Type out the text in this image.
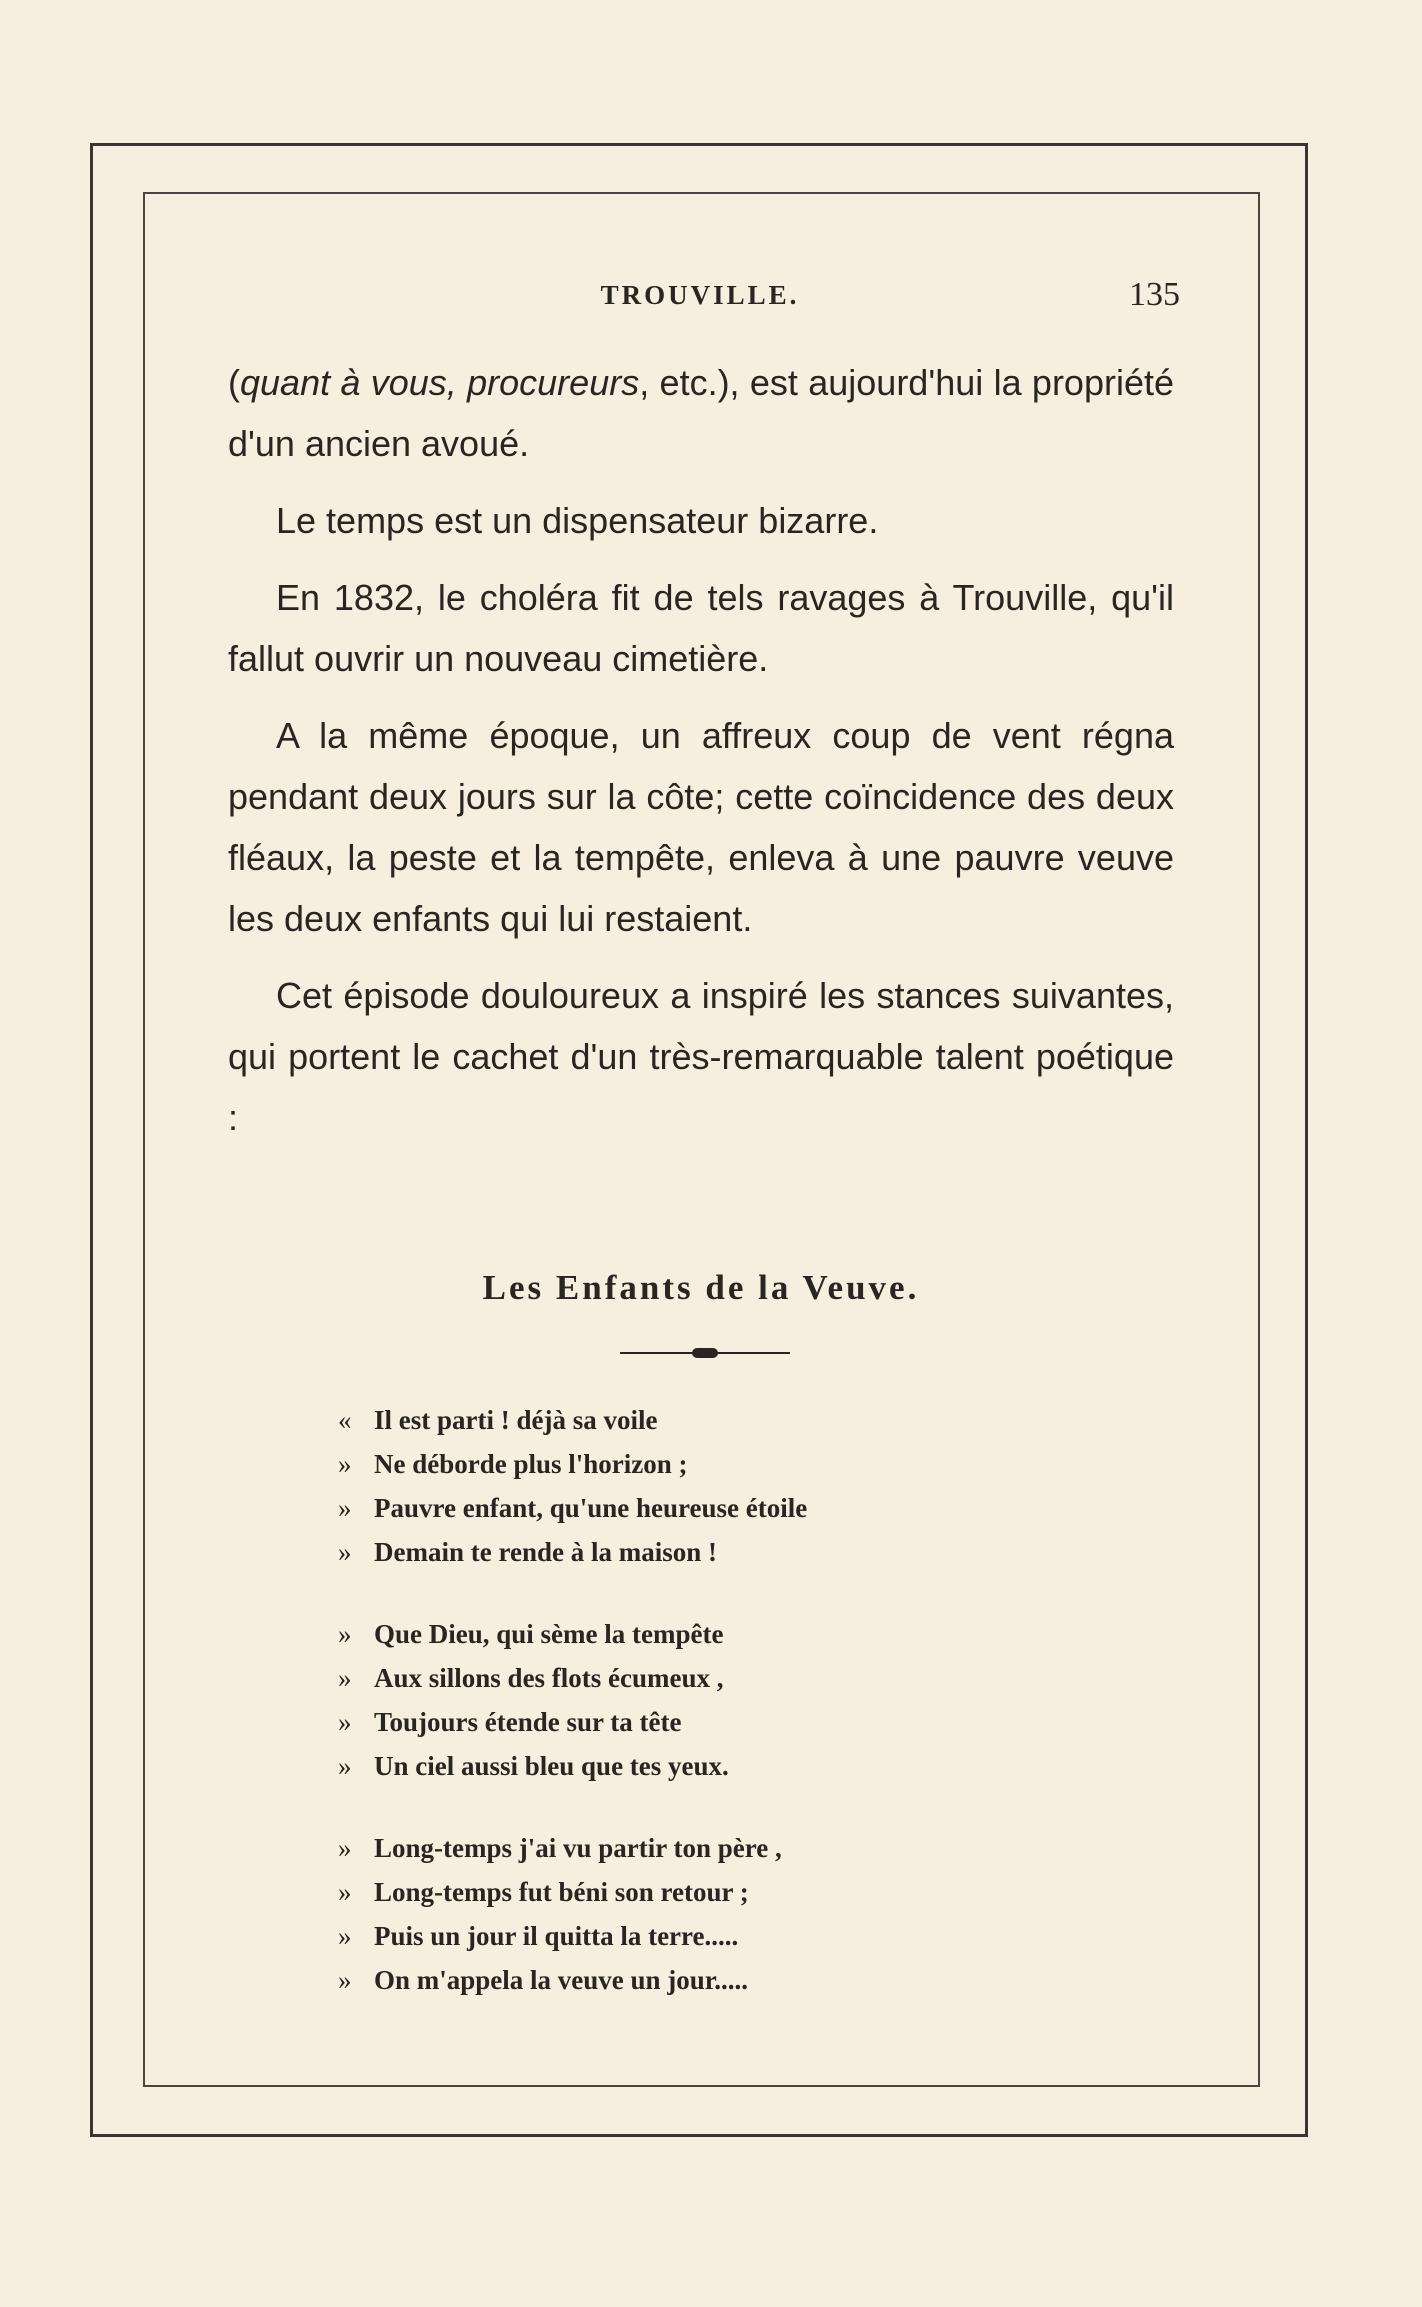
TROUVILLE.	135

(quant à vous, procureurs, etc.), est aujourd'hui la propriété d'un ancien avoué.

Le temps est un dispensateur bizarre.

En 1832, le choléra fit de tels ravages à Trouville, qu'il fallut ouvrir un nouveau cimetière.

A la même époque, un affreux coup de vent régna pendant deux jours sur la côte; cette coïncidence des deux fléaux, la peste et la tempête, enleva à une pauvre veuve les deux enfants qui lui restaient.

Cet épisode douloureux a inspiré les stances suivantes, qui portent le cachet d'un très-remarquable talent poétique :

Les Enfants de la Veuve.
« Il est parti ! déjà sa voile
» Ne déborde plus l'horizon ;
» Pauvre enfant, qu'une heureuse étoile
» Demain te rende à la maison !
» Que Dieu, qui sème la tempête
» Aux sillons des flots écumeux ,
» Toujours étende sur ta tête
» Un ciel aussi bleu que tes yeux.
» Long-temps j'ai vu partir ton père ,
» Long-temps fut béni son retour ;
» Puis un jour il quitta la terre.....
» On m'appela la veuve un jour.....
